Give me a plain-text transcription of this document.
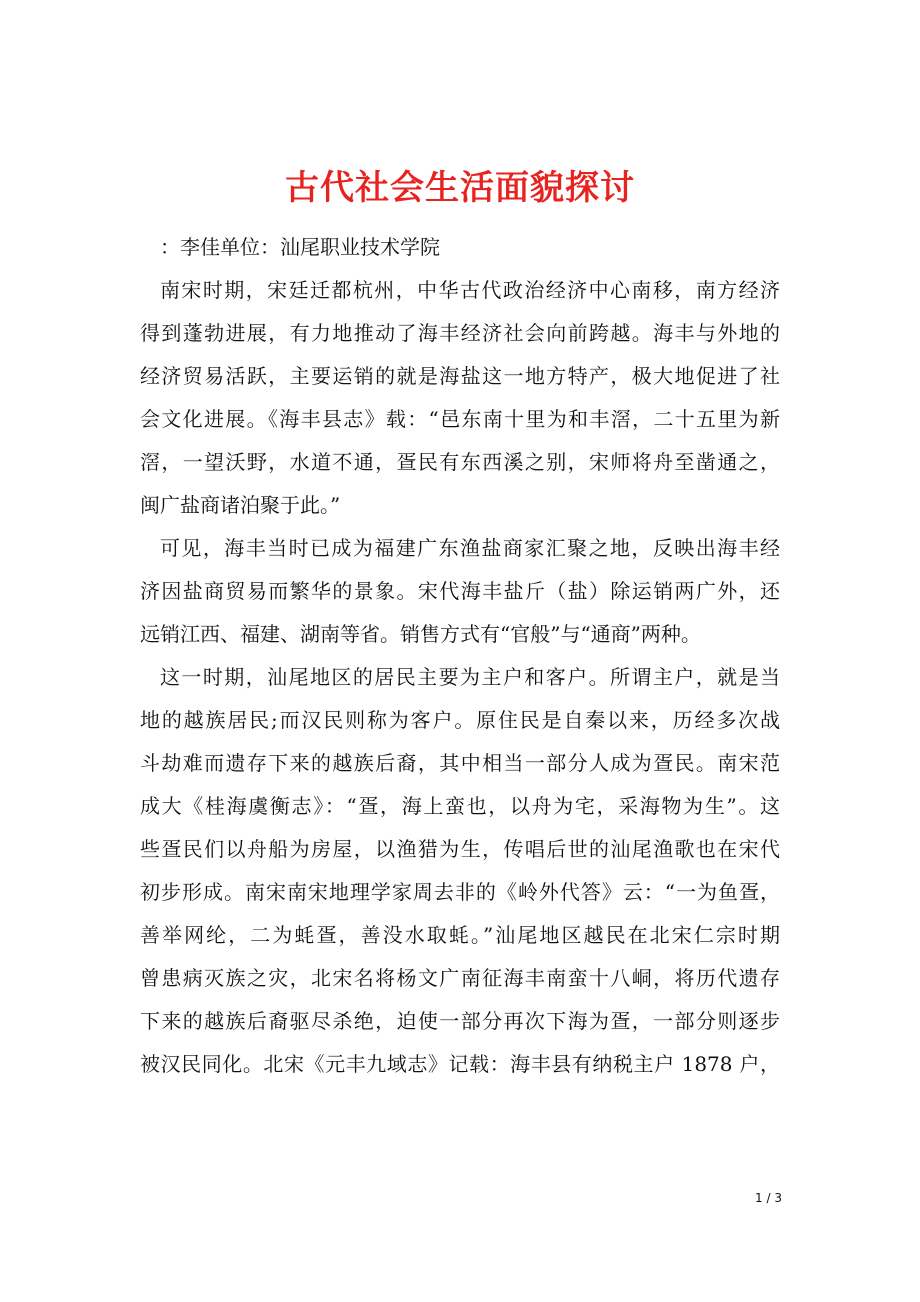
古代社会生活面貌探讨
：李佳单位：汕尾职业技术学院
南宋时期，宋廷迁都杭州，中华古代政治经济中心南移，南方经济
得到蓬勃进展，有力地推动了海丰经济社会向前跨越。海丰与外地的
经济贸易活跃，主要运销的就是海盐这一地方特产，极大地促进了社
会文化进展。《海丰县志》载：“邑东南十里为和丰滘，二十五里为新
滘，一望沃野，水道不通，疍民有东西溪之别，宋师将舟至凿通之，
闽广盐商诸泊聚于此。”
可见，海丰当时已成为福建广东渔盐商家汇聚之地，反映出海丰经
济因盐商贸易而繁华的景象。宋代海丰盐斤（盐）除运销两广外，还
远销江西、福建、湖南等省。销售方式有“官般”与“通商”两种。
这一时期，汕尾地区的居民主要为主户和客户。所谓主户，就是当
地的越族居民;而汉民则称为客户。原住民是自秦以来，历经多次战
斗劫难而遗存下来的越族后裔，其中相当一部分人成为疍民。南宋范
成大《桂海虞衡志》：“疍，海上蛮也，以舟为宅，采海物为生”。这
些疍民们以舟船为房屋，以渔猎为生，传唱后世的汕尾渔歌也在宋代
初步形成。南宋南宋地理学家周去非的《岭外代答》云：“一为鱼疍，
善举网纶，二为蚝疍，善没水取蚝。”汕尾地区越民在北宋仁宗时期
曾患病灭族之灾，北宋名将杨文广南征海丰南蛮十八峒，将历代遗存
下来的越族后裔驱尽杀绝，迫使一部分再次下海为疍，一部分则逐步
被汉民同化。北宋《元丰九域志》记载：海丰县有纳税主户 1878 户，
1 / 3
